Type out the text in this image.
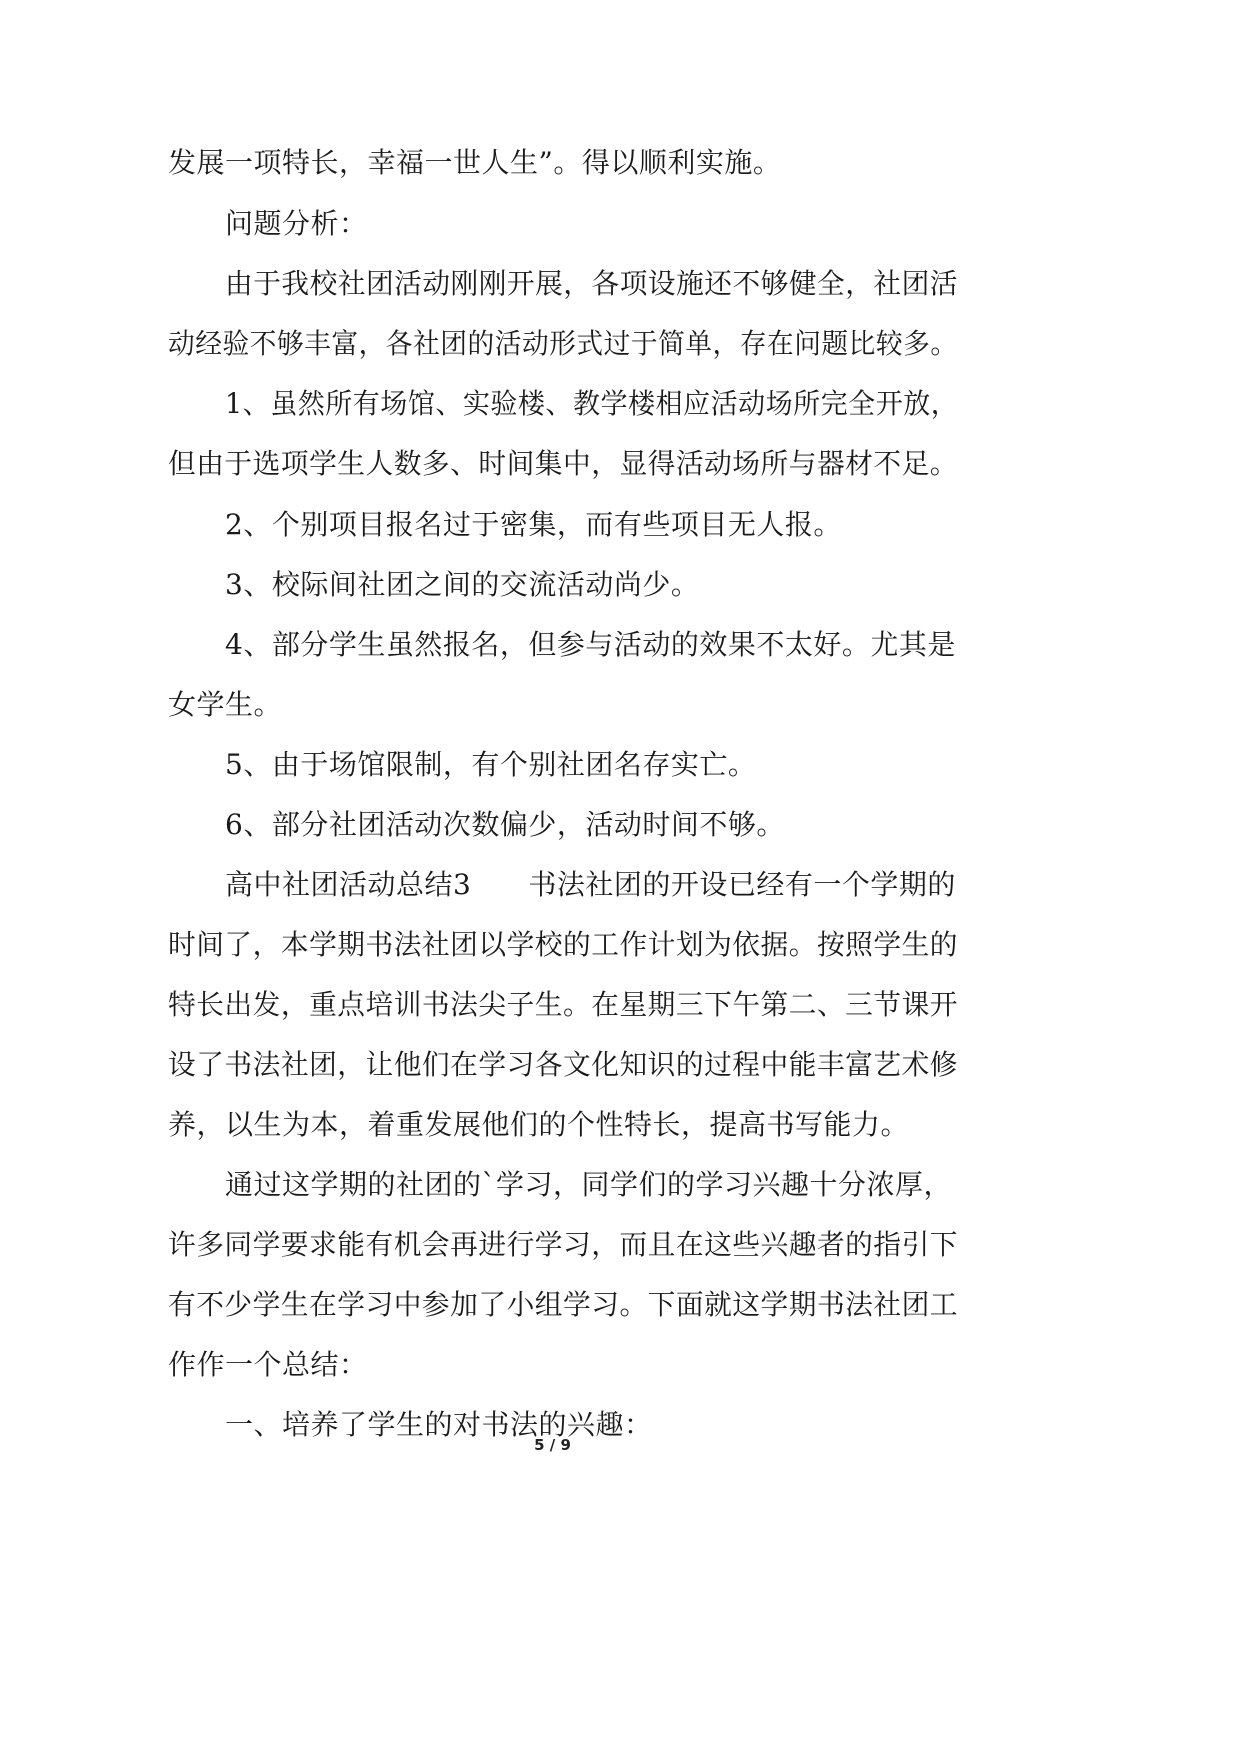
发展一项特长，幸福一世人生”。得以顺利实施。
问题分析：
由于我校社团活动刚刚开展，各项设施还不够健全，社团活
动经验不够丰富，各社团的活动形式过于简单，存在问题比较多。
1、虽然所有场馆、实验楼、教学楼相应活动场所完全开放，
但由于选项学生人数多、时间集中，显得活动场所与器材不足。
2、个别项目报名过于密集，而有些项目无人报。
3、校际间社团之间的交流活动尚少。
4、部分学生虽然报名，但参与活动的效果不太好。尤其是
女学生。
5、由于场馆限制，有个别社团名存实亡。
6、部分社团活动次数偏少，活动时间不够。
高中社团活动总结3　　书法社团的开设已经有一个学期的
时间了，本学期书法社团以学校的工作计划为依据。按照学生的
特长出发，重点培训书法尖子生。在星期三下午第二、三节课开
设了书法社团，让他们在学习各文化知识的过程中能丰富艺术修
养，以生为本，着重发展他们的个性特长，提高书写能力。
通过这学期的社团的`学习，同学们的学习兴趣十分浓厚，
许多同学要求能有机会再进行学习，而且在这些兴趣者的指引下
有不少学生在学习中参加了小组学习。下面就这学期书法社团工
作作一个总结：
一、培养了学生的对书法的兴趣：
5 / 9
